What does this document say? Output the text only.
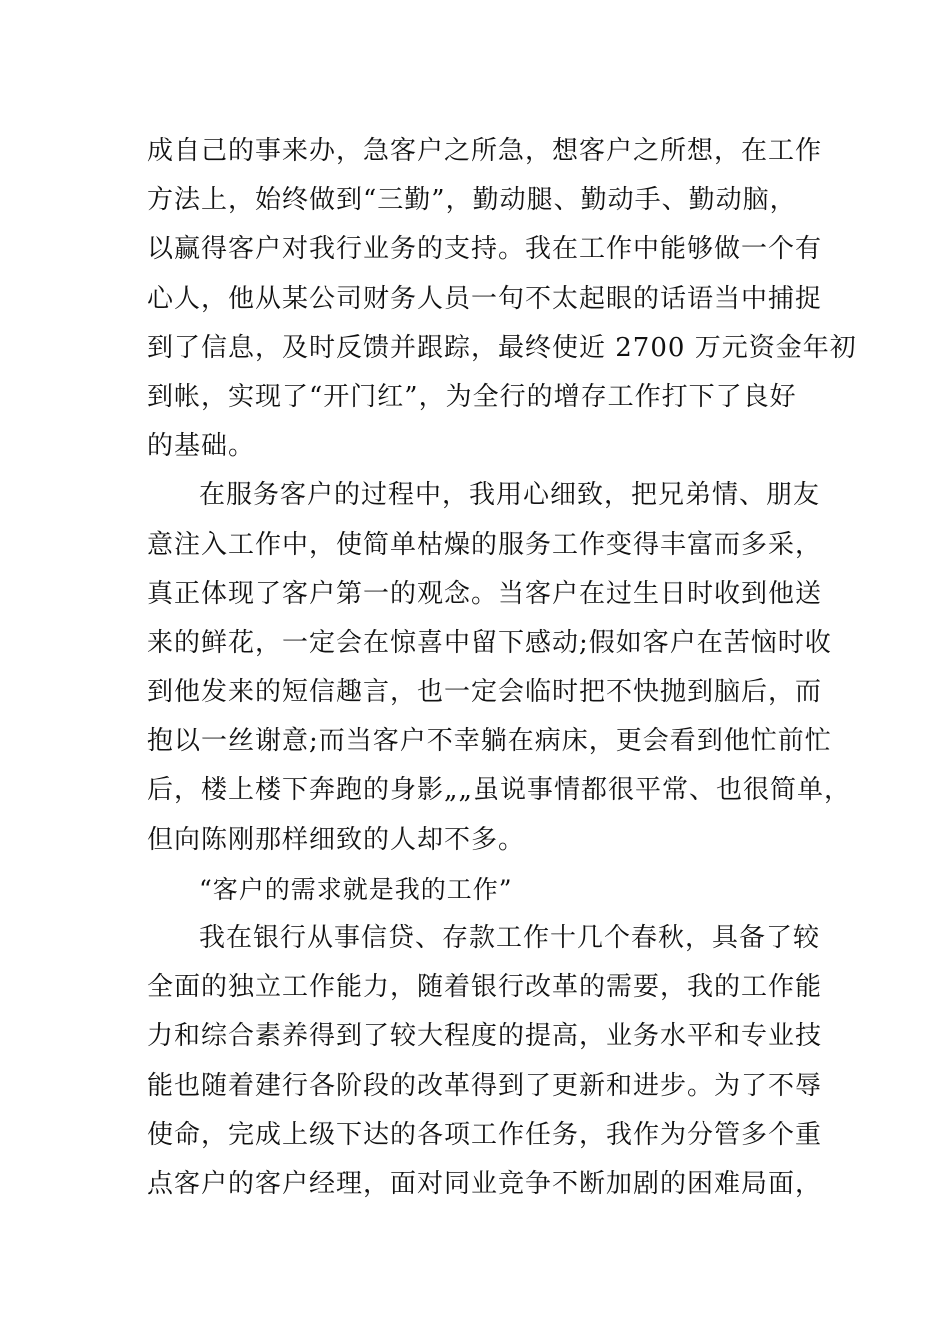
成自己的事来办，急客户之所急，想客户之所想，在工作
方法上，始终做到“三勤”，勤动腿、勤动手、勤动脑，
以赢得客户对我行业务的支持。我在工作中能够做一个有
心人，他从某公司财务人员一句不太起眼的话语当中捕捉
到了信息，及时反馈并跟踪，最终使近 2700 万元资金年初
到帐，实现了“开门红”，为全行的增存工作打下了良好
的基础。
在服务客户的过程中，我用心细致，把兄弟情、朋友
意注入工作中，使简单枯燥的服务工作变得丰富而多采，
真正体现了客户第一的观念。当客户在过生日时收到他送
来的鲜花，一定会在惊喜中留下感动;假如客户在苦恼时收
到他发来的短信趣言，也一定会临时把不快抛到脑后，而
抱以一丝谢意;而当客户不幸躺在病床，更会看到他忙前忙
后，楼上楼下奔跑的身影„„虽说事情都很平常、也很简单，
但向陈刚那样细致的人却不多。
“客户的需求就是我的工作”
我在银行从事信贷、存款工作十几个春秋，具备了较
全面的独立工作能力，随着银行改革的需要，我的工作能
力和综合素养得到了较大程度的提高，业务水平和专业技
能也随着建行各阶段的改革得到了更新和进步。为了不辱
使命，完成上级下达的各项工作任务，我作为分管多个重
点客户的客户经理，面对同业竞争不断加剧的困难局面，
